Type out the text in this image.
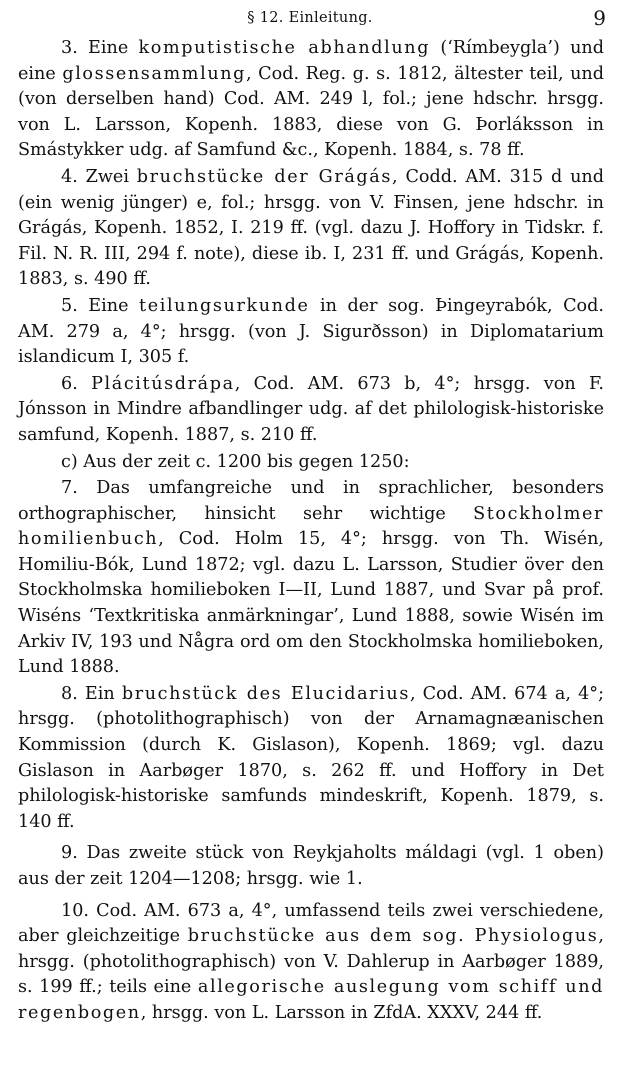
§ 12. Einleitung.	9

3. Eine komputistische abhandlung (‘Rímbeygla’) und eine glossensammlung, Cod. Reg. g. s. 1812, ältester teil, und (von derselben hand) Cod. AM. 249 l, fol.; jene hdschr. hrsgg. von L. Larsson, Kopenh. 1883, diese von G. Þorláksson in Smástykker udg. af Samfund &c., Kopenh. 1884, s. 78 ff.

4. Zwei bruchstücke der Grágás, Codd. AM. 315 d und (ein wenig jünger) e, fol.; hrsgg. von V. Finsen, jene hdschr. in Grágás, Kopenh. 1852, I. 219 ff. (vgl. dazu J. Hoffory in Tidskr. f. Fil. N. R. III, 294 f. note), diese ib. I, 231 ff. und Grágás, Kopenh. 1883, s. 490 ff.

5. Eine teilungsurkunde in der sog. Þingeyrabók, Cod. AM. 279 a, 4°; hrsgg. (von J. Sigurðsson) in Diplomatarium islandicum I, 305 f.

6. Plácitúsdrápa, Cod. AM. 673 b, 4°; hrsgg. von F. Jónsson in Mindre afbandlinger udg. af det philologisk-historiske samfund, Kopenh. 1887, s. 210 ff.

c) Aus der zeit c. 1200 bis gegen 1250:

7. Das umfangreiche und in sprachlicher, besonders orthographischer, hinsicht sehr wichtige Stockholmer homilienbuch, Cod. Holm 15, 4°; hrsgg. von Th. Wisén, Homiliu-Bók, Lund 1872; vgl. dazu L. Larsson, Studier över den Stockholmska homilieboken I—II, Lund 1887, und Svar på prof. Wiséns ‘Textkritiska anmärkningar’, Lund 1888, sowie Wisén im Arkiv IV, 193 und Några ord om den Stockholmska homilieboken, Lund 1888.

8. Ein bruchstück des Elucidarius, Cod. AM. 674 a, 4°; hrsgg. (photolithographisch) von der Arnamagnæanischen Kommission (durch K. Gislason), Kopenh. 1869; vgl. dazu Gislason in Aarbøger 1870, s. 262 ff. und Hoffory in Det philologisk-historiske samfunds mindeskrift, Kopenh. 1879, s. 140 ff.

9. Das zweite stück von Reykjaholts máldagi (vgl. 1 oben) aus der zeit 1204—1208; hrsgg. wie 1.

10. Cod. AM. 673 a, 4°, umfassend teils zwei verschiedene, aber gleichzeitige bruchstücke aus dem sog. Physiologus, hrsgg. (photolithographisch) von V. Dahlerup in Aarbøger 1889, s. 199 ff.; teils eine allegorische auslegung vom schiff und regenbogen, hrsgg. von L. Larsson in ZfdA. XXXV, 244 ff.
